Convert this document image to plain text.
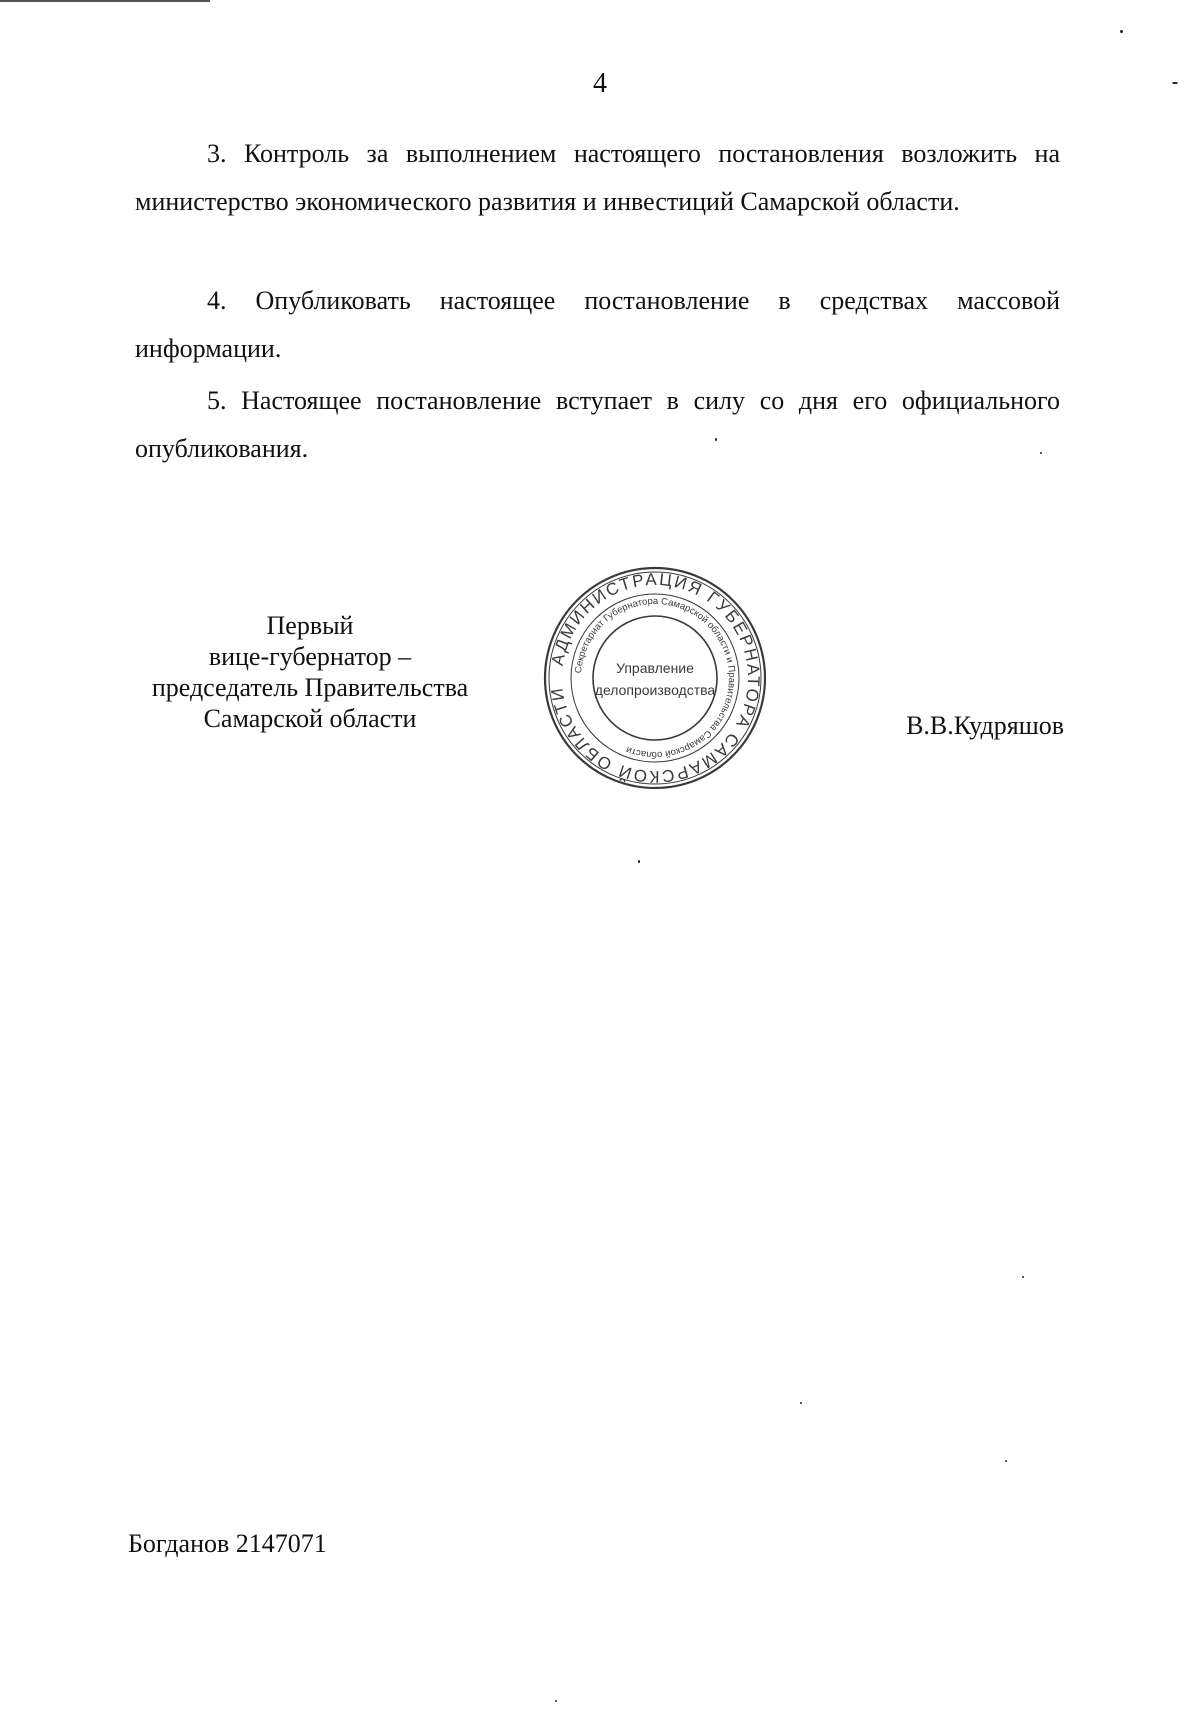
4

3. Контроль за выполнением настоящего постановления возложить на министерство экономического развития и инвестиций Самарской области.

4. Опубликовать настоящее постановление в средствах массовой информации.

5. Настоящее постановление вступает в силу со дня его официального опубликования.

Первый
вице-губернатор –
председатель Правительства
Самарской области
АДМИНИСТРАЦИЯ ГУБЕРНАТОРА САМАРСКОЙ ОБЛАСТИ
Секретариат Губернатора Самарской области и Правительства Самарской области
Управление
делопроизводства
В.В.Кудряшов
Богданов 2147071
